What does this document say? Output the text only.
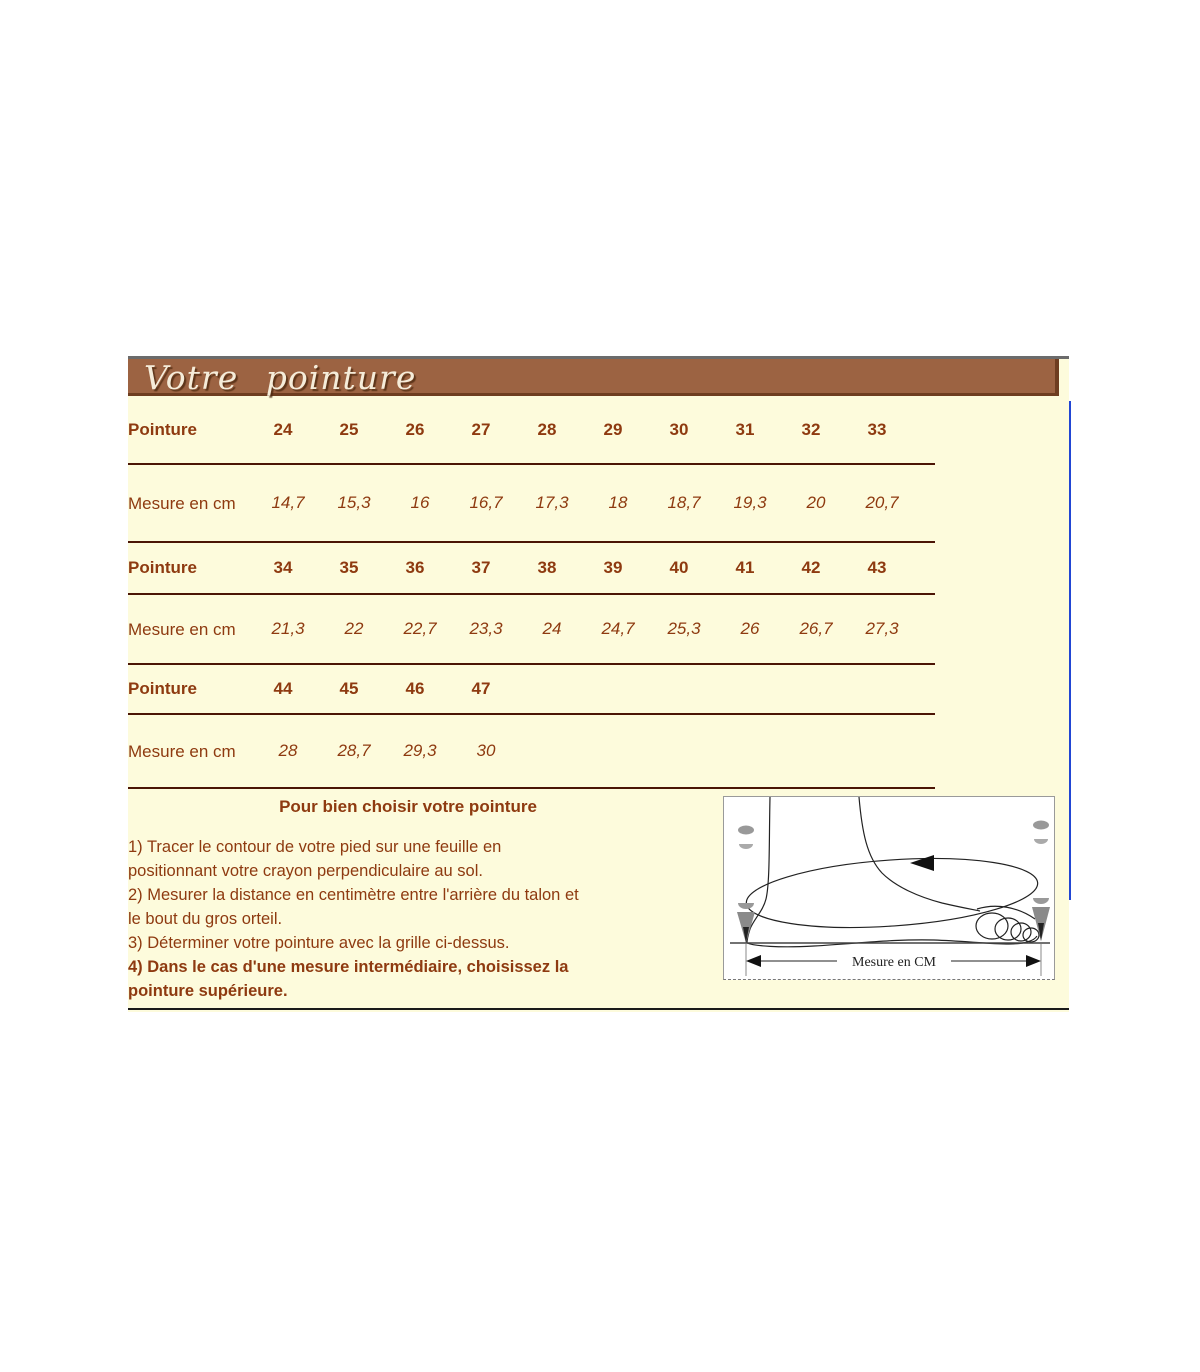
Votre pointure
Pointure	24	25	26	27	28	29	30	31	32	33	
Mesure en cm	14,7	15,3	16	16,7	17,3	18	18,7	19,3	20	20,7	
Pointure	34	35	36	37	38	39	40	41	42	43	
Mesure en cm	21,3	22	22,7	23,3	24	24,7	25,3	26	26,7	27,3	
Pointure	44	45	46	47							
Mesure en cm	28	28,7	29,3	30							
Pour bien choisir votre pointure
1) Tracer le contour de votre pied sur une feuille en
positionnant votre crayon perpendiculaire au sol.
2) Mesurer la distance en centimètre entre l'arrière du talon et
le bout du gros orteil.
3) Déterminer votre pointure avec la grille ci-dessus.
4) Dans le cas d'une mesure intermédiaire, choisissez la
pointure supérieure.
Mesure en CM
